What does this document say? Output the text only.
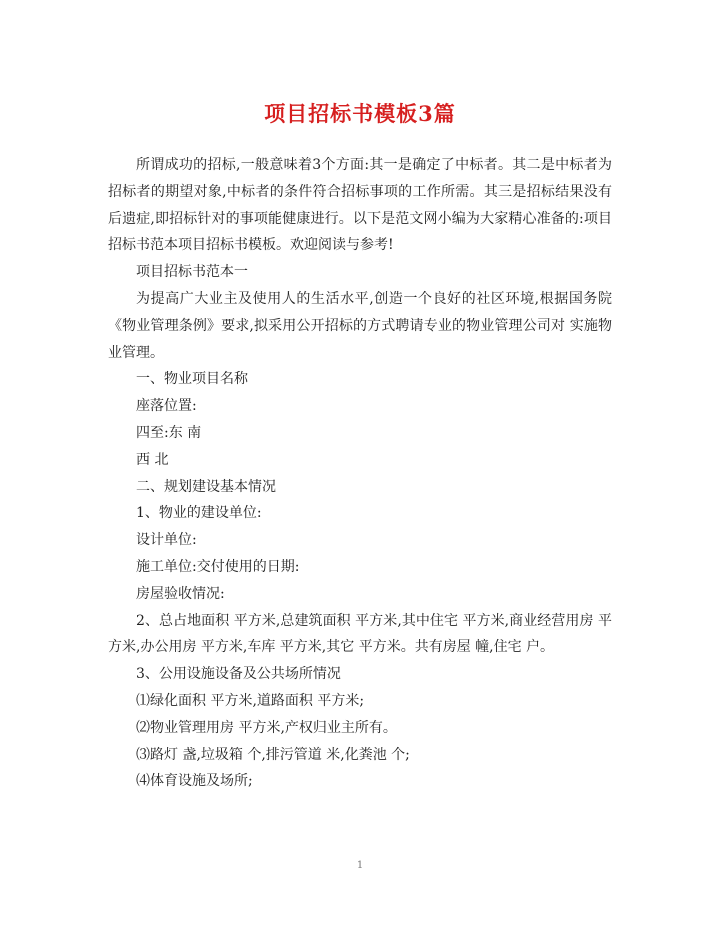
项目招标书模板3篇

所谓成功的招标,一般意味着3个方面:其一是确定了中标者。其二是中标者为招标者的期望对象,中标者的条件符合招标事项的工作所需。其三是招标结果没有后遗症,即招标针对的事项能健康进行。以下是范文网小编为大家精心准备的:项目招标书范本项目招标书模板。欢迎阅读与参考!

项目招标书范本一

为提高广大业主及使用人的生活水平,创造一个良好的社区环境,根据国务院《物业管理条例》要求,拟采用公开招标的方式聘请专业的物业管理公司对 实施物业管理。

一、物业项目名称

座落位置:

四至:东 南

西 北

二、规划建设基本情况

1、物业的建设单位:

设计单位:

施工单位:交付使用的日期:

房屋验收情况:

2、总占地面积 平方米,总建筑面积 平方米,其中住宅 平方米,商业经营用房 平方米,办公用房 平方米,车库 平方米,其它 平方米。共有房屋 幢,住宅 户。

3、公用设施设备及公共场所情况

⑴绿化面积 平方米,道路面积 平方米;

⑵物业管理用房 平方米,产权归业主所有。

⑶路灯 盏,垃圾箱 个,排污管道 米,化粪池 个;

⑷体育设施及场所;

1
